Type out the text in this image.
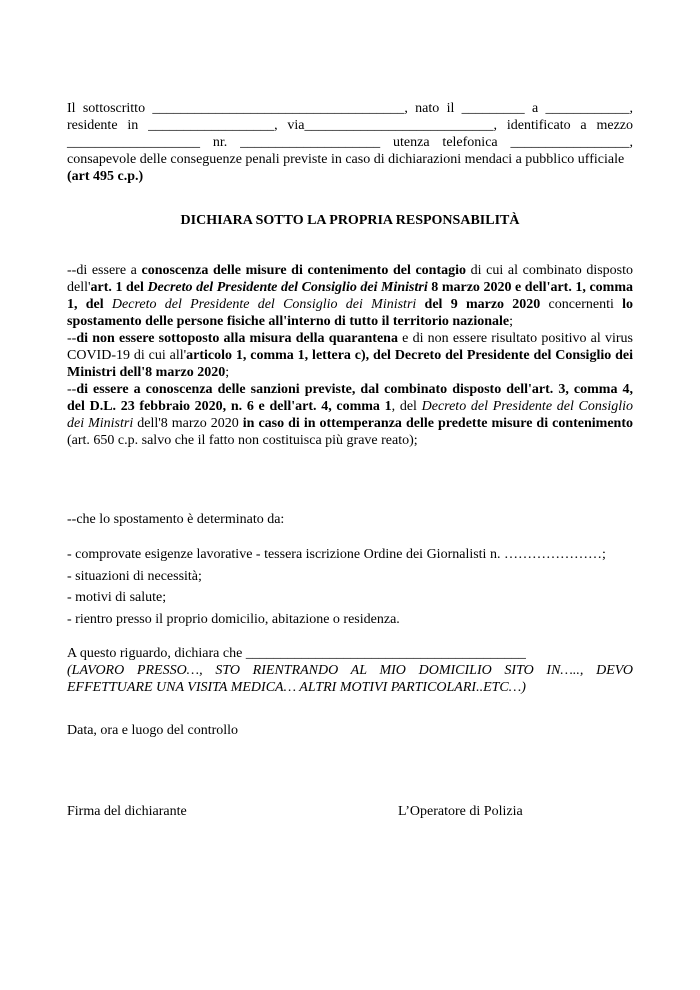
Il sottoscritto ____________________________________, nato il _________ a ____________,
residente in __________________, via___________________________, identificato a mezzo
___________________ nr. ____________________ utenza telefonica _________________,
consapevole delle conseguenze penali previste in caso di dichiarazioni mendaci a pubblico ufficiale
(art 495 c.p.)
DICHIARA SOTTO LA PROPRIA RESPONSABILITÀ
--di essere a conoscenza delle misure di contenimento del contagio di cui al combinato disposto dell'art. 1 del Decreto del Presidente del Consiglio dei Ministri 8 marzo 2020 e dell'art. 1, comma 1, del Decreto del Presidente del Consiglio dei Ministri del 9 marzo 2020 concernenti lo spostamento delle persone fisiche all'interno di tutto il territorio nazionale;
--di non essere sottoposto alla misura della quarantena e di non essere risultato positivo al virus COVID-19 di cui all'articolo 1, comma 1, lettera c), del Decreto del Presidente del Consiglio dei Ministri dell'8 marzo 2020;
--di essere a conoscenza delle sanzioni previste, dal combinato disposto dell'art. 3, comma 4, del D.L. 23 febbraio 2020, n. 6 e dell'art. 4, comma 1, del Decreto del Presidente del Consiglio dei Ministri dell'8 marzo 2020 in caso di in ottemperanza delle predette misure di contenimento (art. 650 c.p. salvo che il fatto non costituisca più grave reato);
--che lo spostamento è determinato da:
- comprovate esigenze lavorative - tessera iscrizione Ordine dei Giornalisti n. …………………;
- situazioni di necessità;
- motivi di salute;
- rientro presso il proprio domicilio, abitazione o residenza.
A questo riguardo, dichiara che ________________________________________
(LAVORO PRESSO…, STO RIENTRANDO AL MIO DOMICILIO SITO IN….., DEVO
EFFETTUARE UNA VISITA MEDICA… ALTRI MOTIVI PARTICOLARI..ETC…)
Data, ora e luogo del controllo
Firma del dichiarante	L’Operatore di Polizia
